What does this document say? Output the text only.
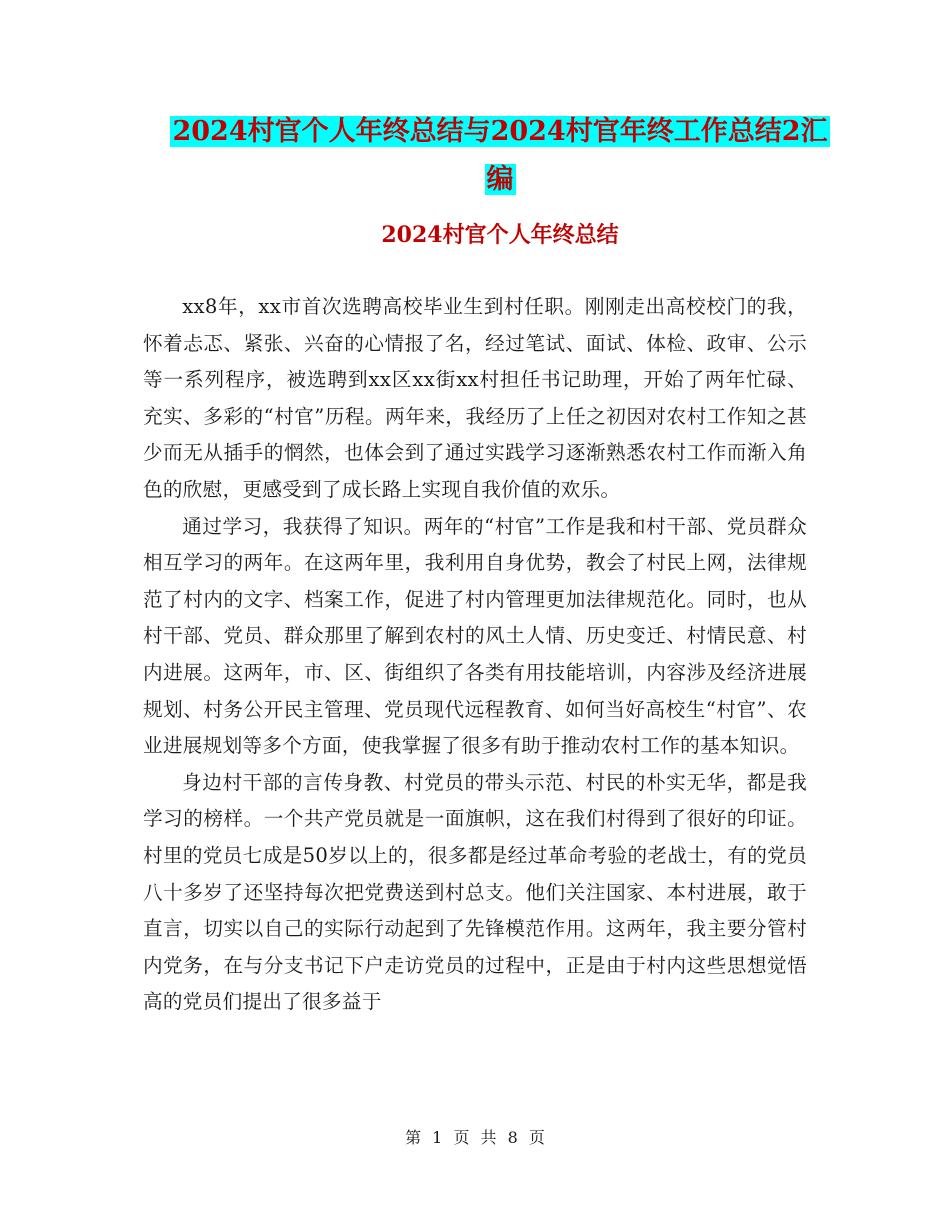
2024村官个人年终总结与2024村官年终工作总结2汇
编
2024村官个人年终总结

xx8年，xx市首次选聘高校毕业生到村任职。刚刚走出高校校门的我，怀着忐忑、紧张、兴奋的心情报了名，经过笔试、面试、体检、政审、公示等一系列程序，被选聘到xx区xx街xx村担任书记助理，开始了两年忙碌、充实、多彩的“村官”历程。两年来，我经历了上任之初因对农村工作知之甚少而无从插手的惘然，也体会到了通过实践学习逐渐熟悉农村工作而渐入角色的欣慰，更感受到了成长路上实现自我价值的欢乐。

通过学习，我获得了知识。两年的“村官”工作是我和村干部、党员群众相互学习的两年。在这两年里，我利用自身优势，教会了村民上网，法律规范了村内的文字、档案工作，促进了村内管理更加法律规范化。同时，也从村干部、党员、群众那里了解到农村的风土人情、历史变迁、村情民意、村内进展。这两年，市、区、街组织了各类有用技能培训，内容涉及经济进展规划、村务公开民主管理、党员现代远程教育、如何当好高校生“村官”、农业进展规划等多个方面，使我掌握了很多有助于推动农村工作的基本知识。

身边村干部的言传身教、村党员的带头示范、村民的朴实无华，都是我学习的榜样。一个共产党员就是一面旗帜，这在我们村得到了很好的印证。村里的党员七成是50岁以上的，很多都是经过革命考验的老战士，有的党员八十多岁了还坚持每次把党费送到村总支。他们关注国家、本村进展，敢于直言，切实以自己的实际行动起到了先锋模范作用。这两年，我主要分管村内党务，在与分支书记下户走访党员的过程中，正是由于村内这些思想觉悟高的党员们提出了很多益于

第 1 页 共 8 页
